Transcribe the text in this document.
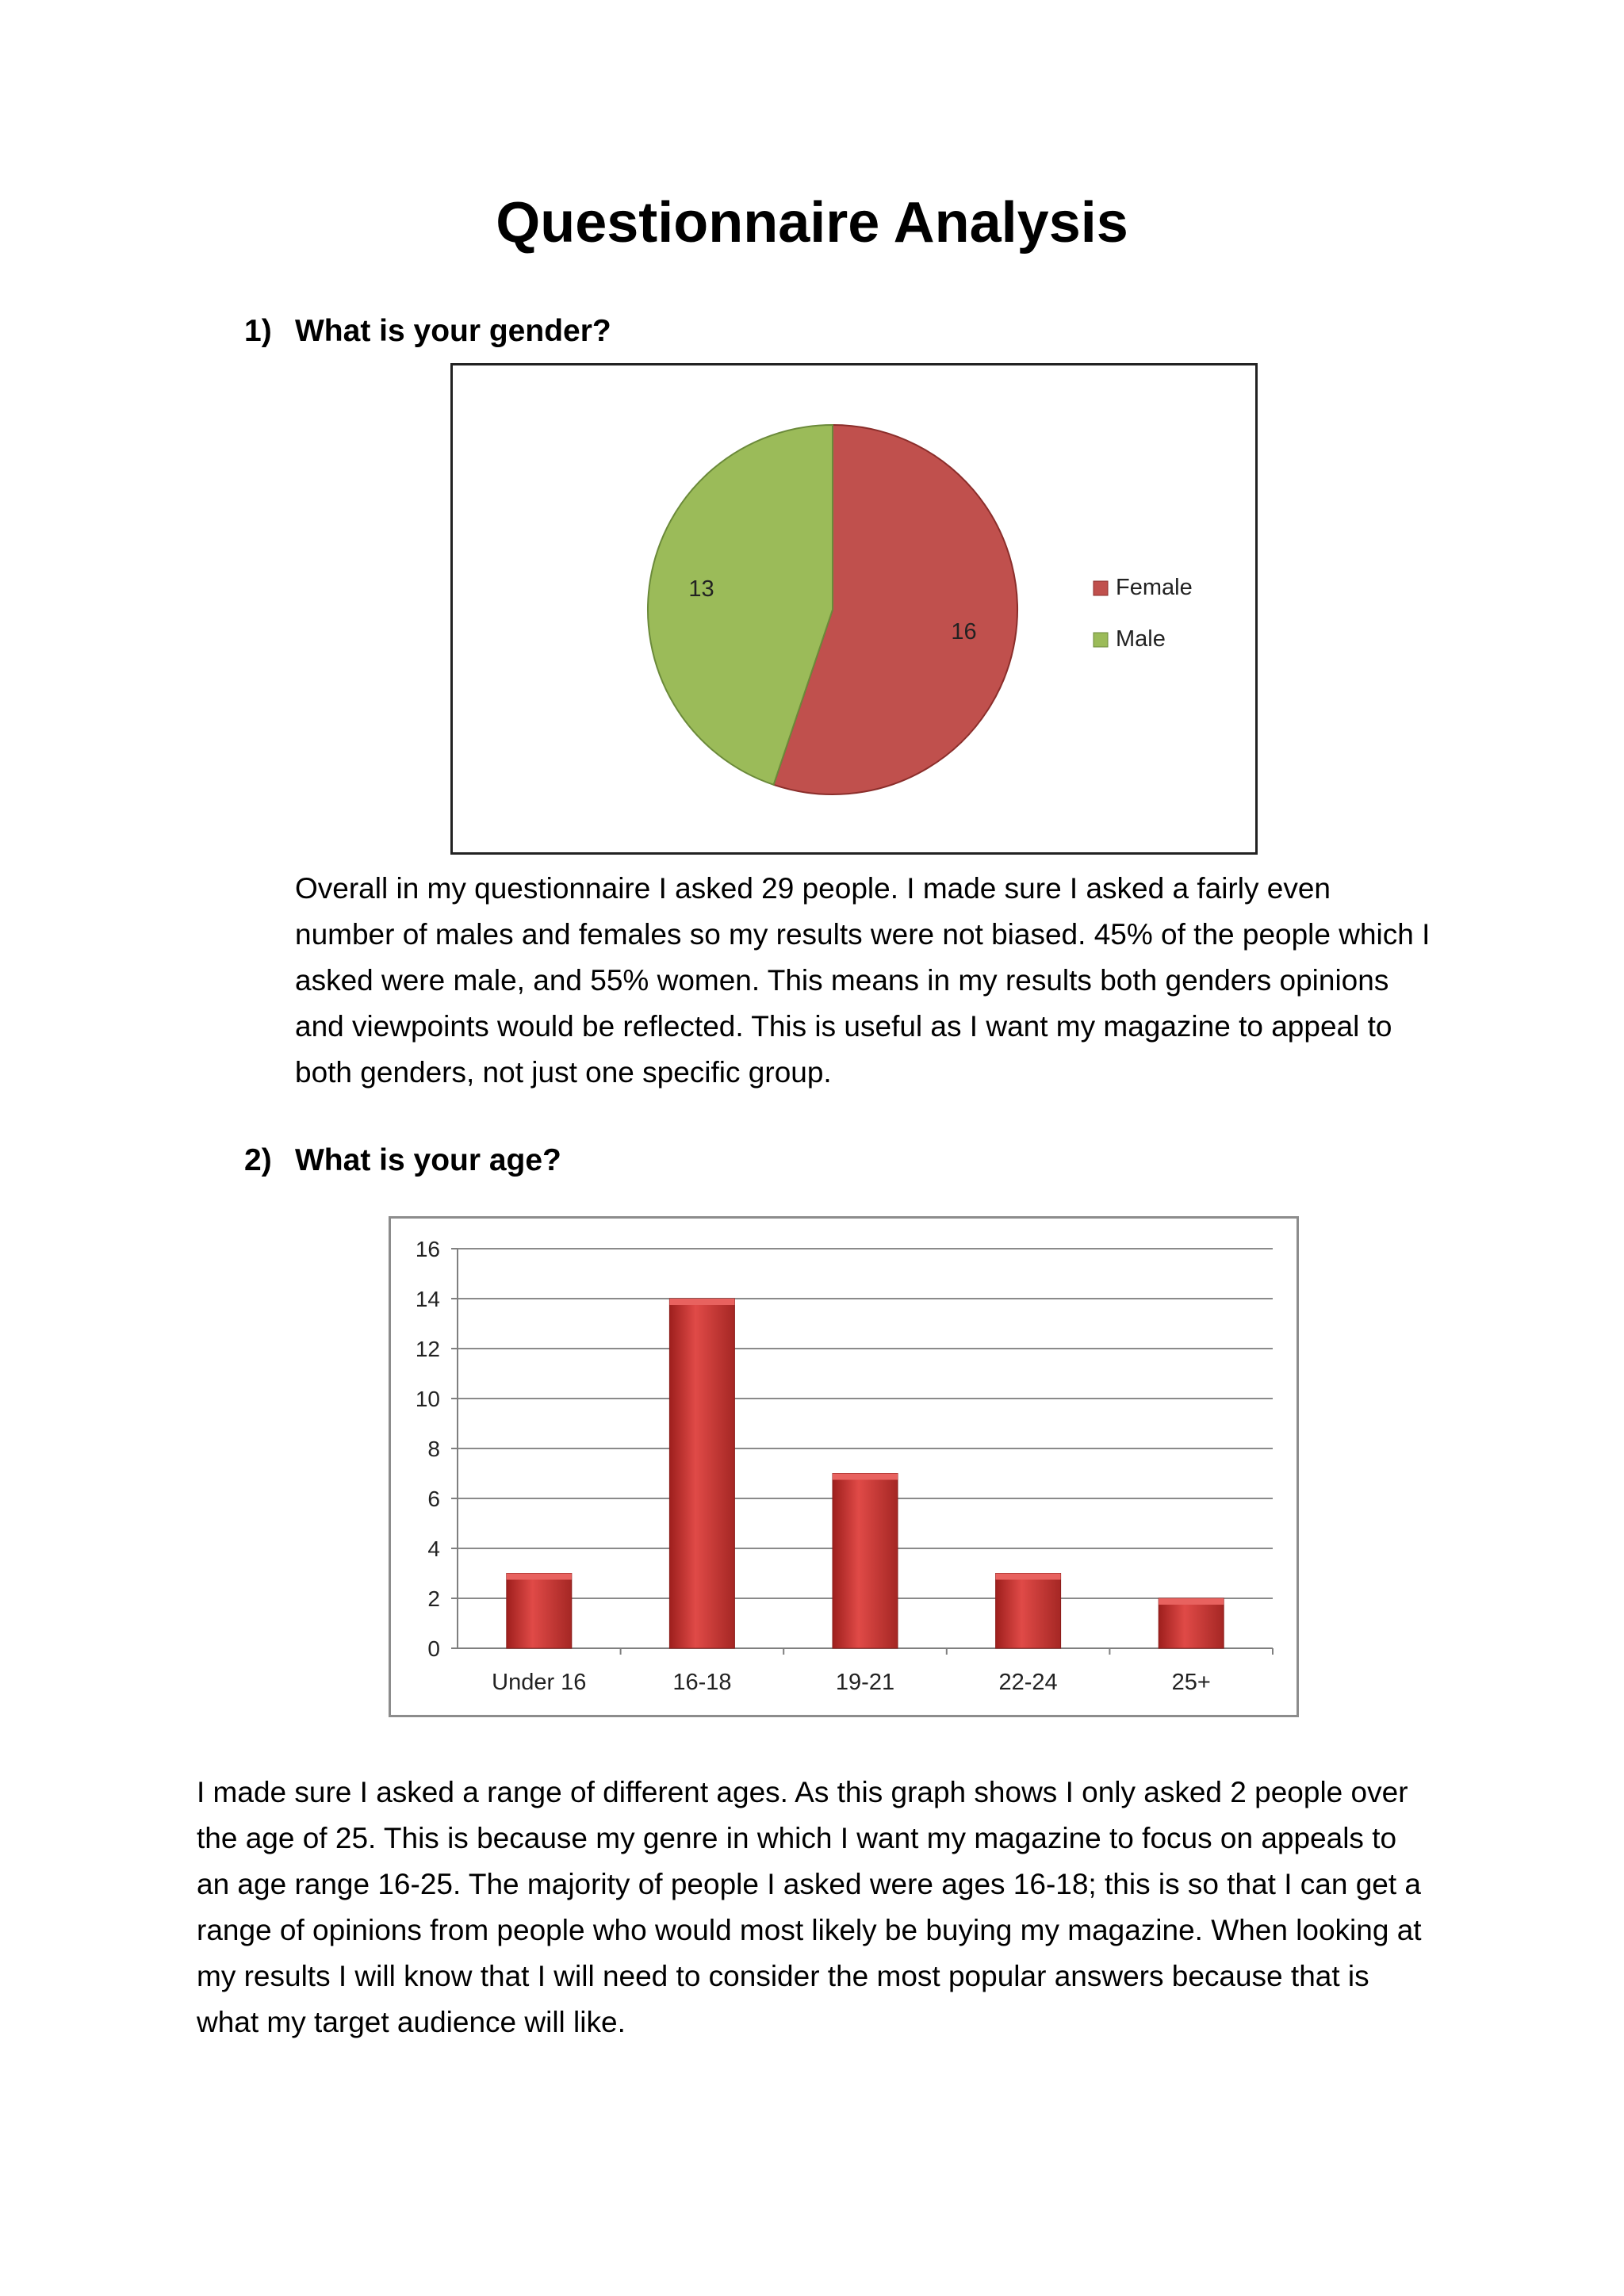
Questionnaire Analysis
1) What is your gender?
16
13	Female
Male

Overall in my questionnaire I asked 29 people. I made sure I asked a fairly even number of males and females so my results were not biased. 45% of the people which I asked were male, and 55% women. This means in my results both genders opinions and viewpoints would be reflected. This is useful as I want my magazine to appeal to both genders, not just one specific group.

2) What is your age?
0
2
4
6
8
10
12
14
16
Under 16	16-18	19-21	22-24	25+

I made sure I asked a range of different ages. As this graph shows I only asked 2 people over the age of 25. This is because my genre in which I want my magazine to focus on appeals to an age range 16-25. The majority of people I asked were ages 16-18; this is so that I can get a range of opinions from people who would most likely be buying my magazine. When looking at my results I will know that I will need to consider the most popular answers because that is what my target audience will like.
